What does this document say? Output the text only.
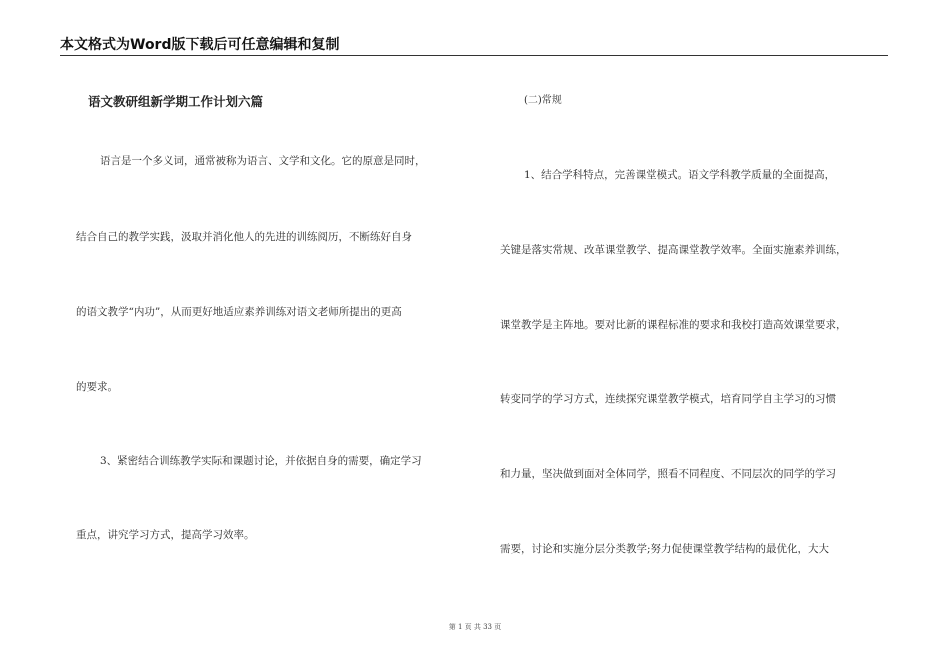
本文格式为Word版下载后可任意编辑和复制
语文教研组新学期工作计划六篇
语言是一个多义词，通常被称为语言、文学和文化。它的原意是同时，
结合自己的教学实践，汲取并消化他人的先进的训练阅历，不断练好自身
的语文教学“内功”，从而更好地适应素养训练对语文老师所提出的更高
的要求。
3、紧密结合训练教学实际和课题讨论，并依据自身的需要，确定学习
重点，讲究学习方式，提高学习效率。
(二)常规
1、结合学科特点，完善课堂模式。语文学科教学质量的全面提高，
关键是落实常规、改革课堂教学、提高课堂教学效率。全面实施素养训练，
课堂教学是主阵地。要对比新的课程标准的要求和我校打造高效课堂要求，
转变同学的学习方式，连续探究课堂教学模式，培育同学自主学习的习惯
和力量，坚决做到面对全体同学，照看不同程度、不同层次的同学的学习
需要，讨论和实施分层分类教学;努力促使课堂教学结构的最优化，大大
第 1 页 共 33 页
